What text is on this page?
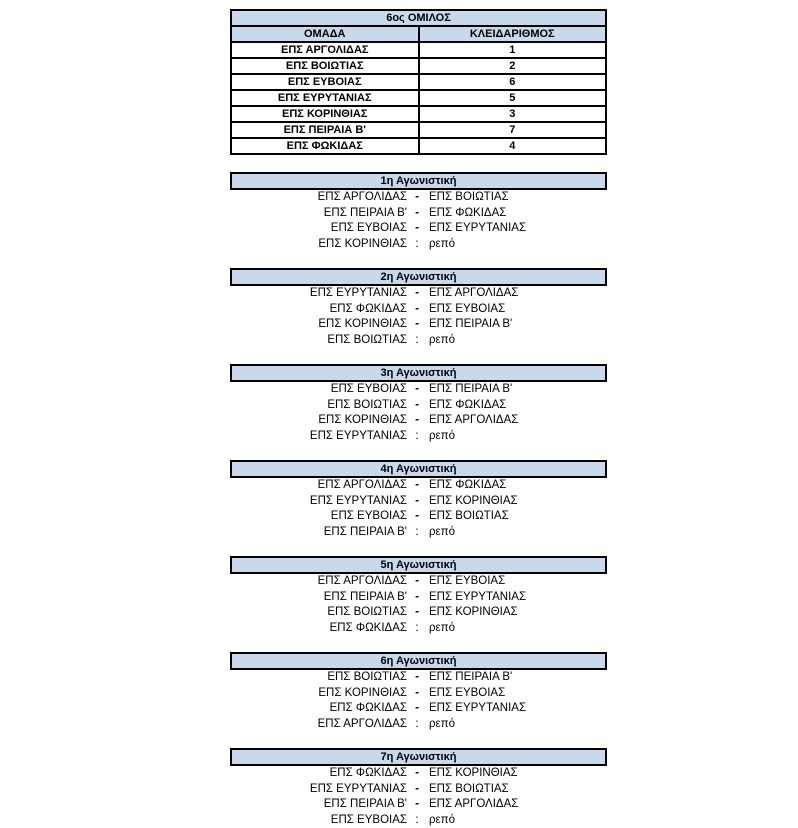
6ος ΟΜΙΛΟΣ	
ΟΜΑΔΑ	ΚΛΕΙΔΑΡΙΘΜΟΣ
ΕΠΣ ΑΡΓΟΛΙΔΑΣ	1
ΕΠΣ ΒΟΙΩΤΙΑΣ	2
ΕΠΣ ΕΥΒΟΙΑΣ	6
ΕΠΣ ΕΥΡΥΤΑΝΙΑΣ	5
ΕΠΣ ΚΟΡΙΝΘΙΑΣ	3
ΕΠΣ ΠΕΙΡΑΙΑ Β'	7
ΕΠΣ ΦΩΚΙΔΑΣ	4
1η Αγωνιστική
ΕΠΣ ΑΡΓΟΛΙΔΑΣ - ΕΠΣ ΒΟΙΩΤΙΑΣ
ΕΠΣ ΠΕΙΡΑΙΑ Β' - ΕΠΣ ΦΩΚΙΔΑΣ
ΕΠΣ ΕΥΒΟΙΑΣ - ΕΠΣ ΕΥΡΥΤΑΝΙΑΣ
ΕΠΣ ΚΟΡΙΝΘΙΑΣ : ρεπό
2η Αγωνιστική
ΕΠΣ ΕΥΡΥΤΑΝΙΑΣ - ΕΠΣ ΑΡΓΟΛΙΔΑΣ
ΕΠΣ ΦΩΚΙΔΑΣ - ΕΠΣ ΕΥΒΟΙΑΣ
ΕΠΣ ΚΟΡΙΝΘΙΑΣ - ΕΠΣ ΠΕΙΡΑΙΑ Β'
ΕΠΣ ΒΟΙΩΤΙΑΣ : ρεπό
3η Αγωνιστική
ΕΠΣ ΕΥΒΟΙΑΣ - ΕΠΣ ΠΕΙΡΑΙΑ Β'
ΕΠΣ ΒΟΙΩΤΙΑΣ - ΕΠΣ ΦΩΚΙΔΑΣ
ΕΠΣ ΚΟΡΙΝΘΙΑΣ - ΕΠΣ ΑΡΓΟΛΙΔΑΣ
ΕΠΣ ΕΥΡΥΤΑΝΙΑΣ : ρεπό
4η Αγωνιστική
ΕΠΣ ΑΡΓΟΛΙΔΑΣ - ΕΠΣ ΦΩΚΙΔΑΣ
ΕΠΣ ΕΥΡΥΤΑΝΙΑΣ - ΕΠΣ ΚΟΡΙΝΘΙΑΣ
ΕΠΣ ΕΥΒΟΙΑΣ - ΕΠΣ ΒΟΙΩΤΙΑΣ
ΕΠΣ ΠΕΙΡΑΙΑ Β' : ρεπό
5η Αγωνιστική
ΕΠΣ ΑΡΓΟΛΙΔΑΣ - ΕΠΣ ΕΥΒΟΙΑΣ
ΕΠΣ ΠΕΙΡΑΙΑ Β' - ΕΠΣ ΕΥΡΥΤΑΝΙΑΣ
ΕΠΣ ΒΟΙΩΤΙΑΣ - ΕΠΣ ΚΟΡΙΝΘΙΑΣ
ΕΠΣ ΦΩΚΙΔΑΣ : ρεπό
6η Αγωνιστική
ΕΠΣ ΒΟΙΩΤΙΑΣ - ΕΠΣ ΠΕΙΡΑΙΑ Β'
ΕΠΣ ΚΟΡΙΝΘΙΑΣ - ΕΠΣ ΕΥΒΟΙΑΣ
ΕΠΣ ΦΩΚΙΔΑΣ - ΕΠΣ ΕΥΡΥΤΑΝΙΑΣ
ΕΠΣ ΑΡΓΟΛΙΔΑΣ : ρεπό
7η Αγωνιστική
ΕΠΣ ΦΩΚΙΔΑΣ - ΕΠΣ ΚΟΡΙΝΘΙΑΣ
ΕΠΣ ΕΥΡΥΤΑΝΙΑΣ - ΕΠΣ ΒΟΙΩΤΙΑΣ
ΕΠΣ ΠΕΙΡΑΙΑ Β' - ΕΠΣ ΑΡΓΟΛΙΔΑΣ
ΕΠΣ ΕΥΒΟΙΑΣ : ρεπό
